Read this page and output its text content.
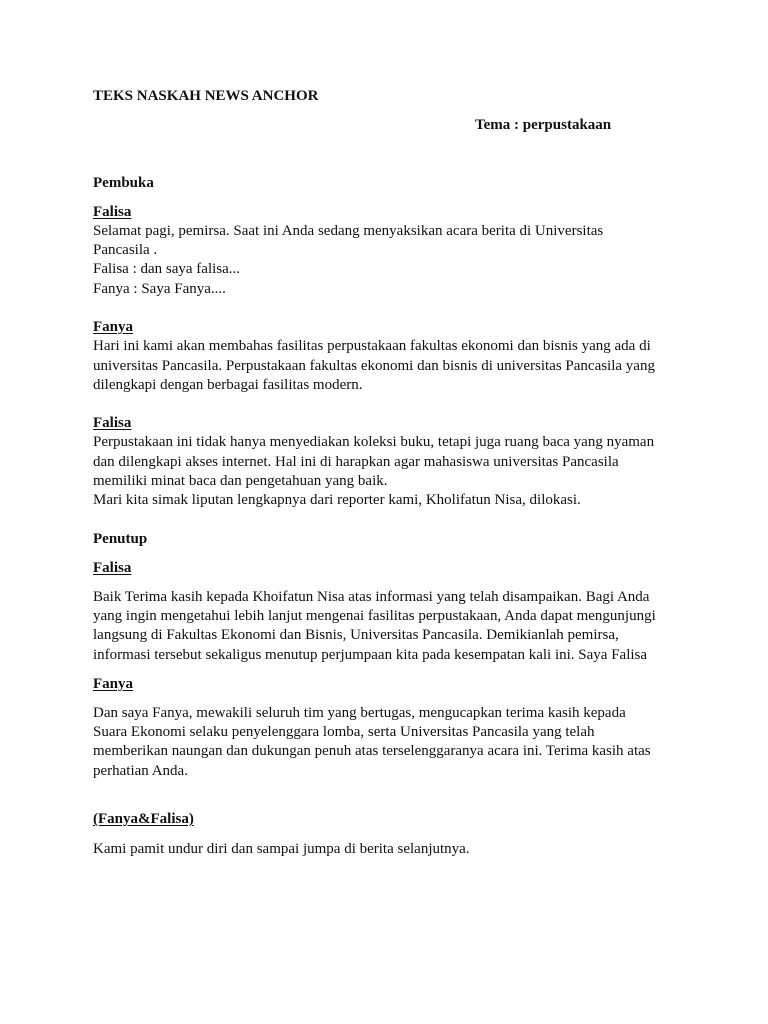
TEKS NASKAH NEWS ANCHOR
Tema : perpustakaan
Pembuka
Falisa
Selamat pagi, pemirsa. Saat ini Anda sedang menyaksikan acara berita di Universitas
Pancasila .
Falisa : dan saya falisa...
Fanya : Saya Fanya....
Fanya
Hari ini kami akan membahas fasilitas perpustakaan fakultas ekonomi dan bisnis yang ada di
universitas Pancasila. Perpustakaan fakultas ekonomi dan bisnis di universitas Pancasila yang
dilengkapi dengan berbagai fasilitas modern.
Falisa
Perpustakaan ini tidak hanya menyediakan koleksi buku, tetapi juga ruang baca yang nyaman
dan dilengkapi akses internet. Hal ini di harapkan agar mahasiswa universitas Pancasila
memiliki minat baca dan pengetahuan yang baik.
Mari kita simak liputan lengkapnya dari reporter kami, Kholifatun Nisa, dilokasi.
Penutup
Falisa
Baik Terima kasih kepada Khoifatun Nisa atas informasi yang telah disampaikan. Bagi Anda
yang ingin mengetahui lebih lanjut mengenai fasilitas perpustakaan, Anda dapat mengunjungi
langsung di Fakultas Ekonomi dan Bisnis, Universitas Pancasila. Demikianlah pemirsa,
informasi tersebut sekaligus menutup perjumpaan kita pada kesempatan kali ini. Saya Falisa
Fanya
Dan saya Fanya, mewakili seluruh tim yang bertugas, mengucapkan terima kasih kepada
Suara Ekonomi selaku penyelenggara lomba, serta Universitas Pancasila yang telah
memberikan naungan dan dukungan penuh atas terselenggaranya acara ini. Terima kasih atas
perhatian Anda.
(Fanya&Falisa)
Kami pamit undur diri dan sampai jumpa di berita selanjutnya.
